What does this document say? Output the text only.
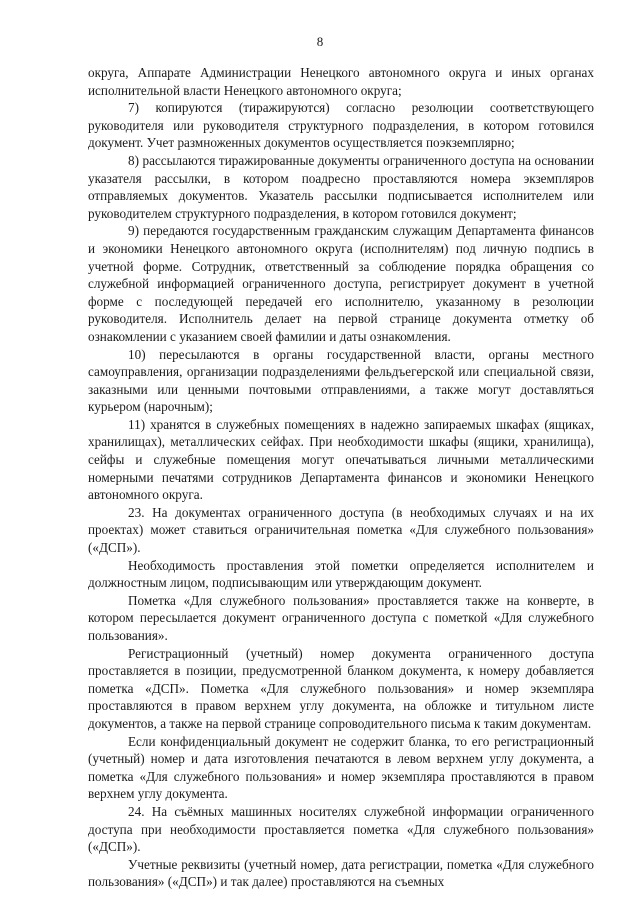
8

округа, Аппарате Администрации Ненецкого автономного округа и иных органах исполнительной власти Ненецкого автономного округа;

7) копируются (тиражируются) согласно резолюции соответствующего руководителя или руководителя структурного подразделения, в котором готовился документ. Учет размноженных документов осуществляется поэкземплярно;

8) рассылаются тиражированные документы ограниченного доступа на основании указателя рассылки, в котором поадресно проставляются номера экземпляров отправляемых документов. Указатель рассылки подписывается исполнителем или руководителем структурного подразделения, в котором готовился документ;

9) передаются государственным гражданским служащим Департамента финансов и экономики Ненецкого автономного округа (исполнителям) под личную подпись в учетной форме. Сотрудник, ответственный за соблюдение порядка обращения со служебной информацией ограниченного доступа, регистрирует документ в учетной форме с последующей передачей его исполнителю, указанному в резолюции руководителя. Исполнитель делает на первой странице документа отметку об ознакомлении с указанием своей фамилии и даты ознакомления.

10) пересылаются в органы государственной власти, органы местного самоуправления, организации подразделениями фельдъегерской или специальной связи, заказными или ценными почтовыми отправлениями, а также могут доставляться курьером (нарочным);

11) хранятся в служебных помещениях в надежно запираемых шкафах (ящиках, хранилищах), металлических сейфах. При необходимости шкафы (ящики, хранилища), сейфы и служебные помещения могут опечатываться личными металлическими номерными печатями сотрудников Департамента финансов и экономики Ненецкого автономного округа.

23. На документах ограниченного доступа (в необходимых случаях и на их проектах) может ставиться ограничительная пометка «Для служебного пользования» («ДСП»).

Необходимость проставления этой пометки определяется исполнителем и должностным лицом, подписывающим или утверждающим документ.

Пометка «Для служебного пользования» проставляется также на конверте, в котором пересылается документ ограниченного доступа с пометкой «Для служебного пользования».

Регистрационный (учетный) номер документа ограниченного доступа проставляется в позиции, предусмотренной бланком документа, к номеру добавляется пометка «ДСП». Пометка «Для служебного пользования» и номер экземпляра проставляются в правом верхнем углу документа, на обложке и титульном листе документов, а также на первой странице сопроводительного письма к таким документам.

Если конфиденциальный документ не содержит бланка, то его регистрационный (учетный) номер и дата изготовления печатаются в левом верхнем углу документа, а пометка «Для служебного пользования» и номер экземпляра проставляются в правом верхнем углу документа.

24. На съёмных машинных носителях служебной информации ограниченного доступа при необходимости проставляется пометка «Для служебного пользования» («ДСП»).

Учетные реквизиты (учетный номер, дата регистрации, пометка «Для служебного пользования» («ДСП») и так далее) проставляются на съемных
